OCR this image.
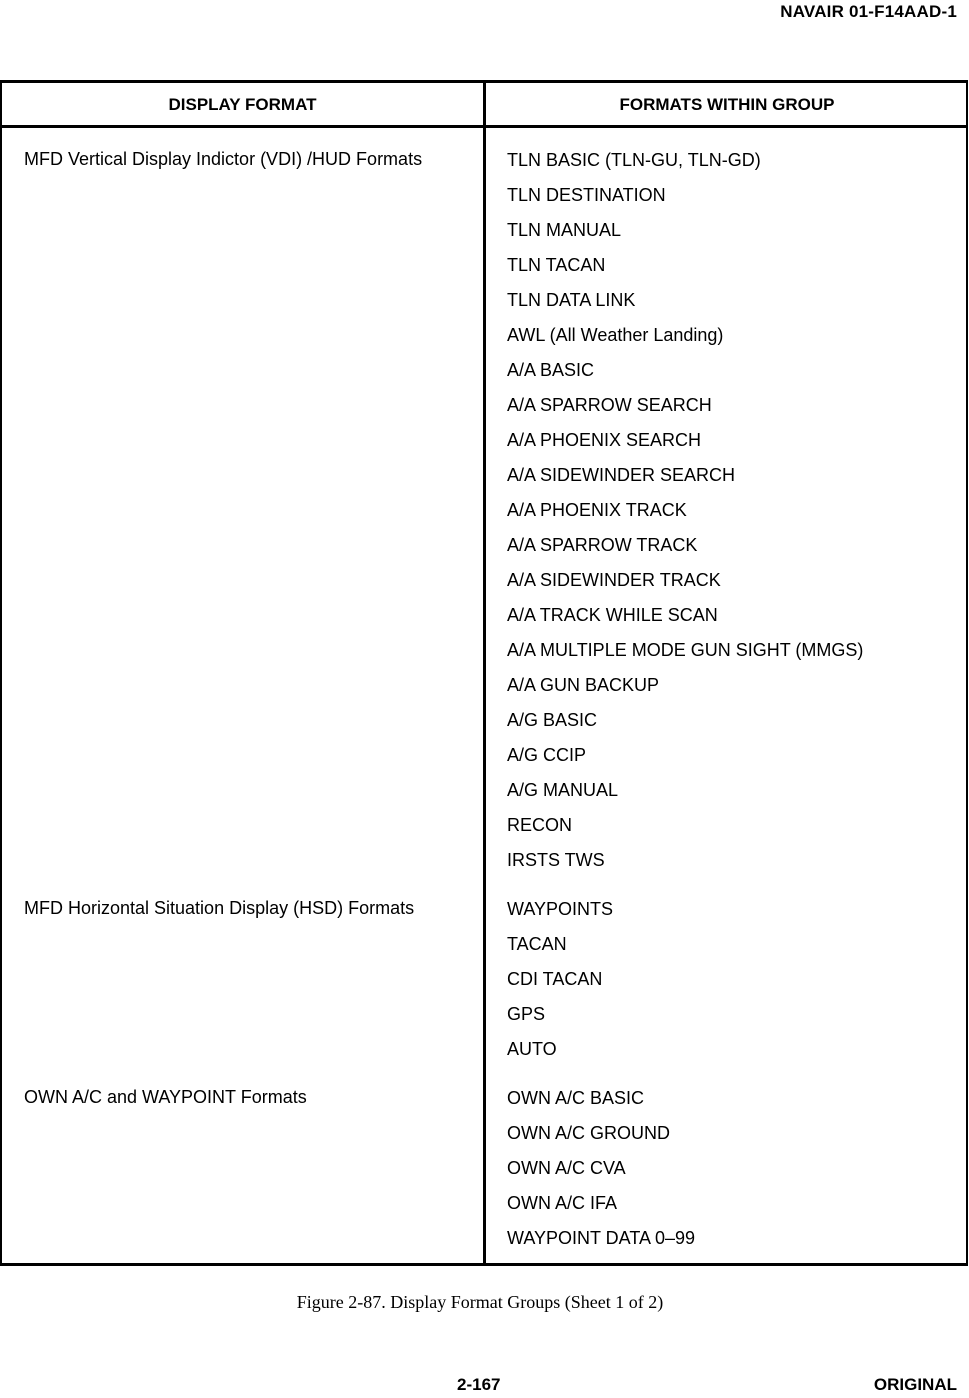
NAVAIR 01-F14AAD-1
DISPLAY FORMAT	FORMATS WITHIN GROUP
MFD Vertical Display Indictor (VDI) /HUD Formats	TLN BASIC (TLN-GU, TLN-GD)
TLN DESTINATION
TLN MANUAL
TLN TACAN
TLN DATA LINK
AWL (All Weather Landing)
A/A BASIC
A/A SPARROW SEARCH
A/A PHOENIX SEARCH
A/A SIDEWINDER SEARCH
A/A PHOENIX TRACK
A/A SPARROW TRACK
A/A SIDEWINDER TRACK
A/A TRACK WHILE SCAN
A/A MULTIPLE MODE GUN SIGHT (MMGS)
A/A GUN BACKUP
A/G BASIC
A/G CCIP
A/G MANUAL
RECON
IRSTS TWS
MFD Horizontal Situation Display (HSD) Formats	WAYPOINTS
TACAN
CDI TACAN
GPS
AUTO
OWN A/C and WAYPOINT Formats	OWN A/C BASIC
OWN A/C GROUND
OWN A/C CVA
OWN A/C IFA
WAYPOINT DATA 0–99
Figure 2-87. Display Format Groups (Sheet 1 of 2)
2-167	ORIGINAL
